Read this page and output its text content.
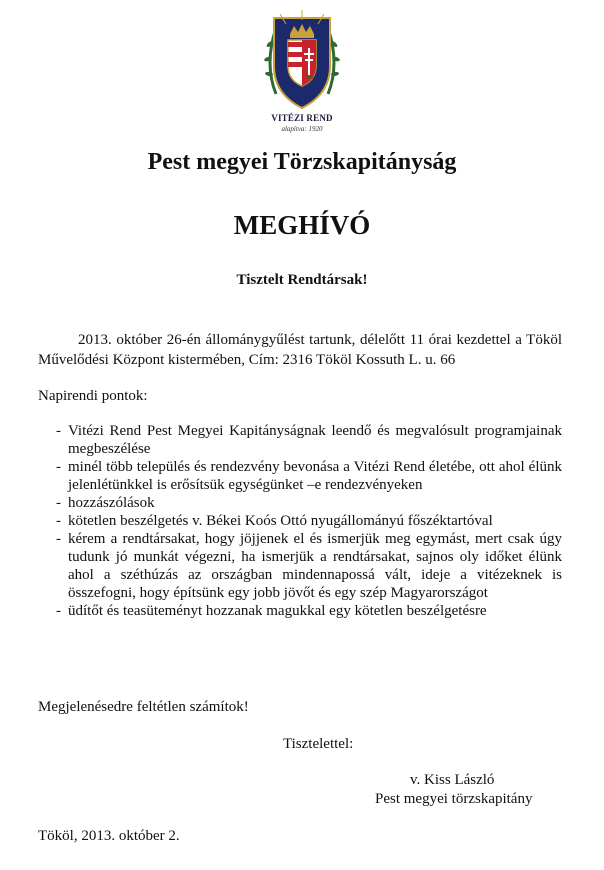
VITÉZI REND
alapítva: 1920
Pest megyei Törzskapitányság
MEGHÍVÓ
Tisztelt Rendtársak!
2013. október 26-én állománygyűlést tartunk, délelőtt 11 órai kezdettel a Tököl Művelődési Központ kistermében, Cím: 2316 Tököl Kossuth L. u. 66
Napirendi pontok:
- Vitézi Rend Pest Megyei Kapitányságnak leendő és megvalósult programjainak megbeszélése
- minél több település és rendezvény bevonása a Vitézi Rend életébe, ott ahol élünk jelenlétünkkel is erősítsük egységünket –e rendezvényeken
- hozzászólások
- kötetlen beszélgetés v. Békei Koós Ottó nyugállományú főszéktartóval
- kérem a rendtársakat, hogy jöjjenek el és ismerjük meg egymást, mert csak úgy tudunk jó munkát végezni, ha ismerjük a rendtársakat, sajnos oly időket élünk ahol a széthúzás az országban mindennapossá vált, ideje a vitézeknek is összefogni, hogy építsünk egy jobb jövőt és egy szép Magyarországot
- üdítőt és teasüteményt hozzanak magukkal egy kötetlen beszélgetésre
Megjelenésedre feltétlen számítok!
Tisztelettel:
v. Kiss László
Pest megyei törzskapitány
Tököl, 2013. október 2.
